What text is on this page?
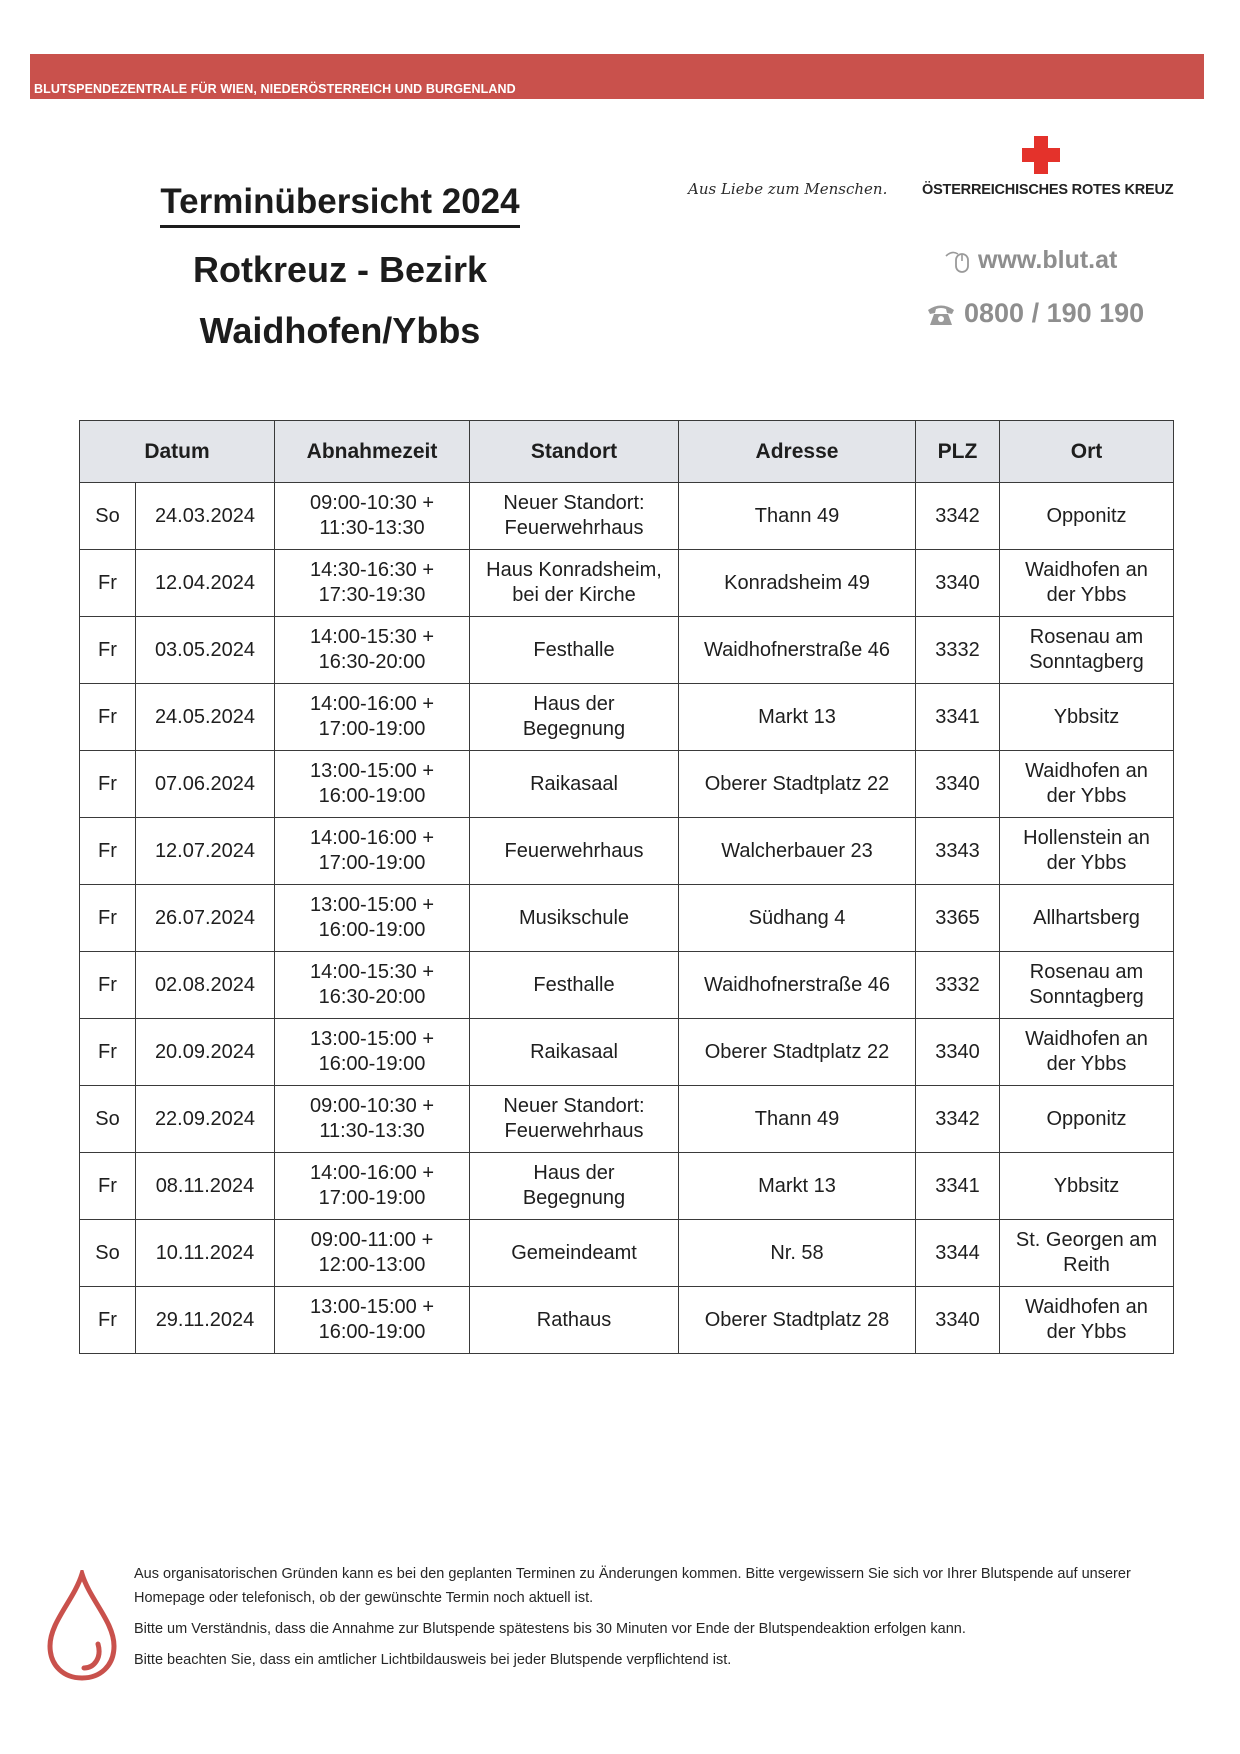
BLUTSPENDEZENTRALE FÜR WIEN, NIEDERÖSTERREICH UND BURGENLAND
Terminübersicht 2024
Rotkreuz - Bezirk
Waidhofen/Ybbs
Aus Liebe zum Menschen. ÖSTERREICHISCHES ROTES KREUZ
www.blut.at
0800 / 190 190
Datum		Abnahmezeit	Standort	Adresse	PLZ	Ort

So	24.03.2024	09:00-10:30 +
11:30-13:30	Neuer Standort:
Feuerwehrhaus	Thann 49	3342	Opponitz

Fr	12.04.2024	14:30-16:30 +
17:30-19:30	Haus Konradsheim,
bei der Kirche	Konradsheim 49	3340	Waidhofen an
der Ybbs

Fr	03.05.2024	14:00-15:30 +
16:30-20:00	Festhalle	Waidhofnerstraße 46	3332	Rosenau am
Sonntagberg

Fr	24.05.2024	14:00-16:00 +
17:00-19:00	Haus der
Begegnung	Markt 13	3341	Ybbsitz

Fr	07.06.2024	13:00-15:00 +
16:00-19:00	Raikasaal	Oberer Stadtplatz 22	3340	Waidhofen an
der Ybbs

Fr	12.07.2024	14:00-16:00 +
17:00-19:00	Feuerwehrhaus	Walcherbauer 23	3343	Hollenstein an
der Ybbs

Fr	26.07.2024	13:00-15:00 +
16:00-19:00	Musikschule	Südhang 4	3365	Allhartsberg

Fr	02.08.2024	14:00-15:30 +
16:30-20:00	Festhalle	Waidhofnerstraße 46	3332	Rosenau am
Sonntagberg

Fr	20.09.2024	13:00-15:00 +
16:00-19:00	Raikasaal	Oberer Stadtplatz 22	3340	Waidhofen an
der Ybbs

So	22.09.2024	09:00-10:30 +
11:30-13:30	Neuer Standort:
Feuerwehrhaus	Thann 49	3342	Opponitz

Fr	08.11.2024	14:00-16:00 +
17:00-19:00	Haus der
Begegnung	Markt 13	3341	Ybbsitz

So	10.11.2024	09:00-11:00 +
12:00-13:00	Gemeindeamt	Nr. 58	3344	St. Georgen am
Reith

Fr	29.11.2024	13:00-15:00 +
16:00-19:00	Rathaus	Oberer Stadtplatz 28	3340	Waidhofen an
der Ybbs

Aus organisatorischen Gründen kann es bei den geplanten Terminen zu Änderungen kommen. Bitte vergewissern Sie sich vor Ihrer Blutspende auf unserer Homepage oder telefonisch, ob der gewünschte Termin noch aktuell ist.

Bitte um Verständnis, dass die Annahme zur Blutspende spätestens bis 30 Minuten vor Ende der Blutspendeaktion erfolgen kann.

Bitte beachten Sie, dass ein amtlicher Lichtbildausweis bei jeder Blutspende verpflichtend ist.
